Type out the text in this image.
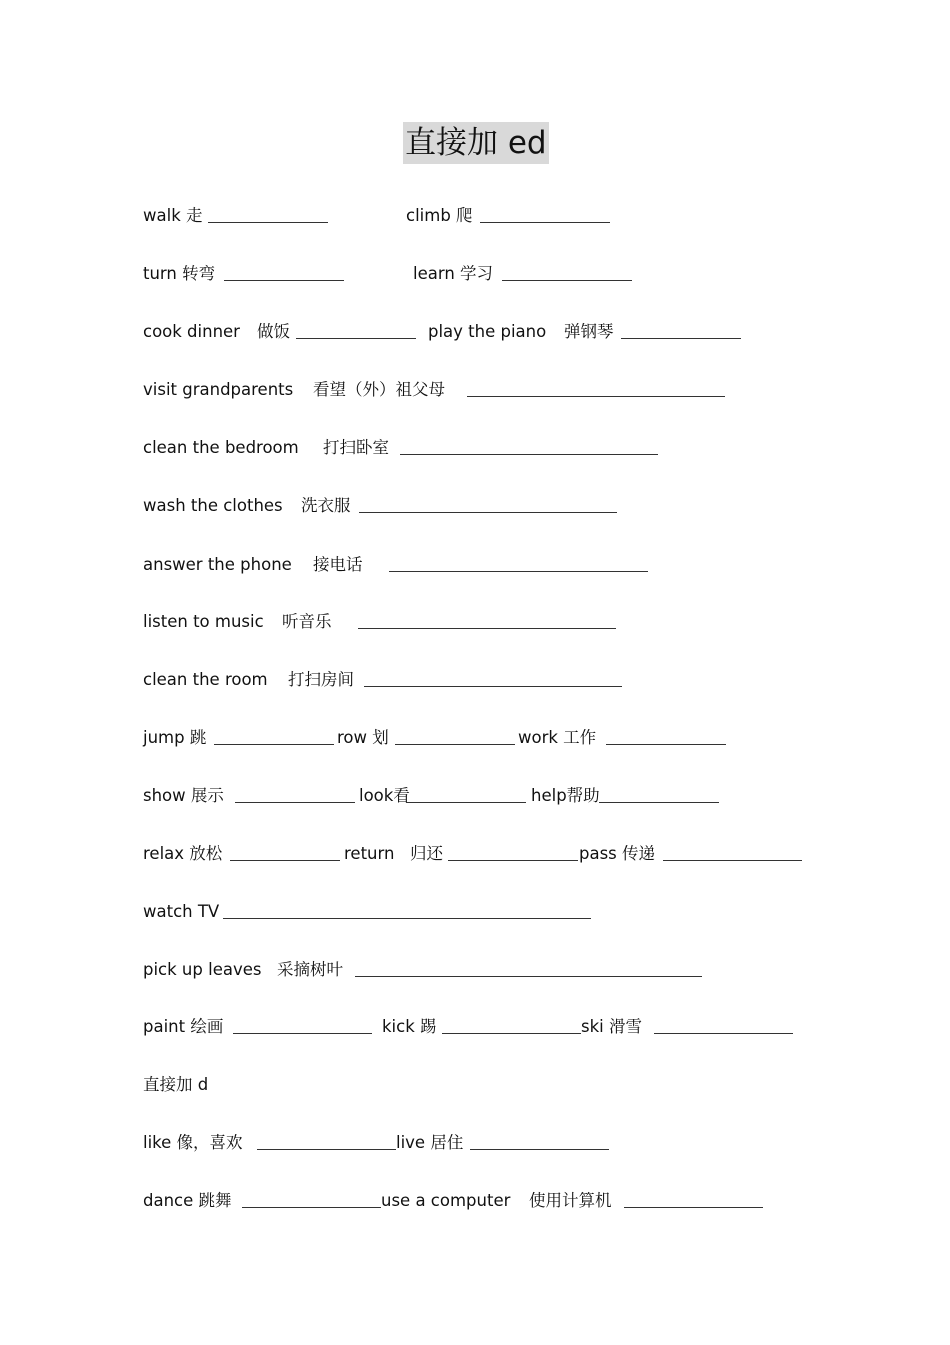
直接加 ed
walk 走	climb 爬
turn 转弯	learn 学习
cook dinner 做饭	play the piano 弹钢琴
visit grandparents 看望（外）祖父母
clean the bedroom 打扫卧室
wash the clothes 洗衣服
answer the phone 接电话
listen to music 听音乐
clean the room 打扫房间
jump 跳	row 划	work 工作
show 展示	look看	help帮助
relax 放松	return 归还	pass 传递
watch TV
pick up leaves 采摘树叶
paint 绘画	kick 踢	ski 滑雪
直接加 d
like 像，喜欢	live 居住
dance 跳舞	use a computer 使用计算机
